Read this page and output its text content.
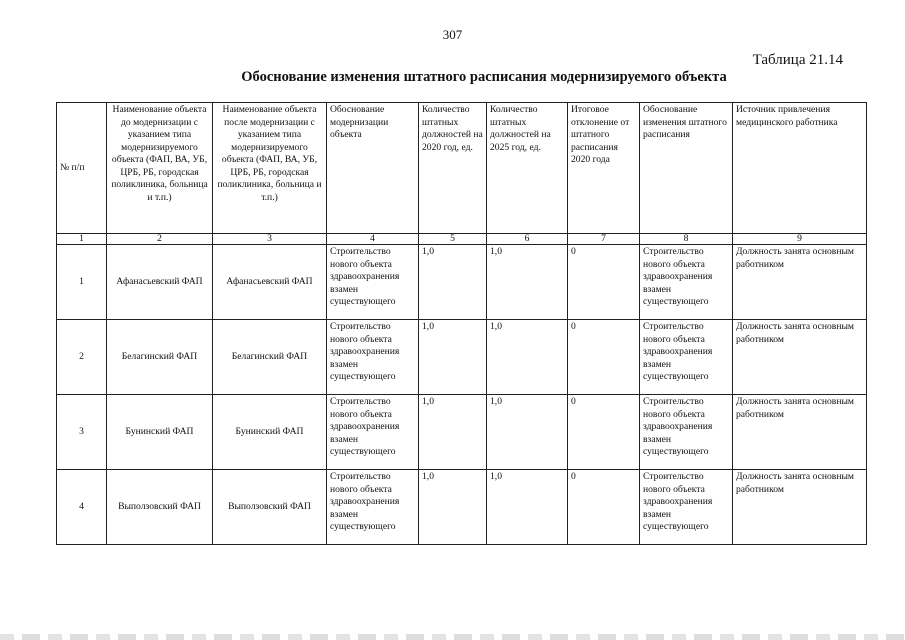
307
Таблица 21.14
Обоснование изменения штатного расписания модернизируемого объекта
№ п/п	Наименование объекта до модернизации с указанием типа модернизируемого объекта (ФАП, ВА, УБ, ЦРБ, РБ, городская поликлиника, больница и т.п.)	Наименование объекта после модернизации с указанием типа модернизируемого объекта (ФАП, ВА, УБ, ЦРБ, РБ, городская поликлиника, больница и т.п.)	Обоснование модернизации объекта	Количество штатных должностей на 2020 год, ед.	Количество штатных должностей на 2025 год, ед.	Итоговое отклонение от штатного расписания 2020 года	Обоснование изменения штатного расписания	Источник привлечения медицинского работника
1	2	3	4	5	6	7	8	9
1	Афанасьевский ФАП	Афанасьевский ФАП	Строительство нового объекта здравоохранения взамен существующего	1,0	1,0	0	Строительство нового объекта здравоохранения взамен существующего	Должность занята основным работником
2	Белагинский ФАП	Белагинский ФАП	Строительство нового объекта здравоохранения взамен существующего	1,0	1,0	0	Строительство нового объекта здравоохранения взамен существующего	Должность занята основным работником
3	Бунинский ФАП	Бунинский ФАП	Строительство нового объекта здравоохранения взамен существующего	1,0	1,0	0	Строительство нового объекта здравоохранения взамен существующего	Должность занята основным работником
4	Выползовский ФАП	Выползовский ФАП	Строительство нового объекта здравоохранения взамен существующего	1,0	1,0	0	Строительство нового объекта здравоохранения взамен существующего	Должность занята основным работником
